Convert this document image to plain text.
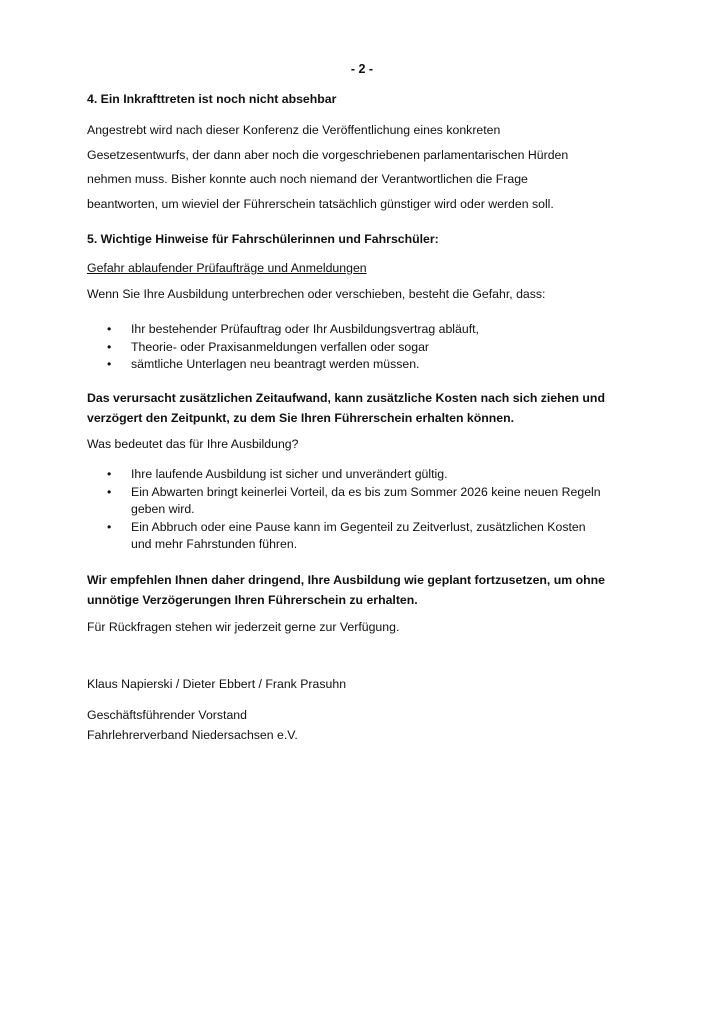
- 2 -
4. Ein Inkrafttreten ist noch nicht absehbar
Angestrebt wird nach dieser Konferenz die Veröffentlichung eines konkreten
Gesetzesentwurfs, der dann aber noch die vorgeschriebenen parlamentarischen Hürden
nehmen muss. Bisher konnte auch noch niemand der Verantwortlichen die Frage
beantworten, um wieviel der Führerschein tatsächlich günstiger wird oder werden soll.
5. Wichtige Hinweise für Fahrschülerinnen und Fahrschüler:
Gefahr ablaufender Prüfaufträge und Anmeldungen
Wenn Sie Ihre Ausbildung unterbrechen oder verschieben, besteht die Gefahr, dass:
• Ihr bestehender Prüfauftrag oder Ihr Ausbildungsvertrag abläuft,
• Theorie- oder Praxisanmeldungen verfallen oder sogar
• sämtliche Unterlagen neu beantragt werden müssen.
Das verursacht zusätzlichen Zeitaufwand, kann zusätzliche Kosten nach sich ziehen und
verzögert den Zeitpunkt, zu dem Sie Ihren Führerschein erhalten können.
Was bedeutet das für Ihre Ausbildung?
• Ihre laufende Ausbildung ist sicher und unverändert gültig.
• Ein Abwarten bringt keinerlei Vorteil, da es bis zum Sommer 2026 keine neuen Regeln
geben wird.
• Ein Abbruch oder eine Pause kann im Gegenteil zu Zeitverlust, zusätzlichen Kosten
und mehr Fahrstunden führen.
Wir empfehlen Ihnen daher dringend, Ihre Ausbildung wie geplant fortzusetzen, um ohne
unnötige Verzögerungen Ihren Führerschein zu erhalten.
Für Rückfragen stehen wir jederzeit gerne zur Verfügung.
Klaus Napierski / Dieter Ebbert / Frank Prasuhn
Geschäftsführender Vorstand
Fahrlehrerverband Niedersachsen e.V.
